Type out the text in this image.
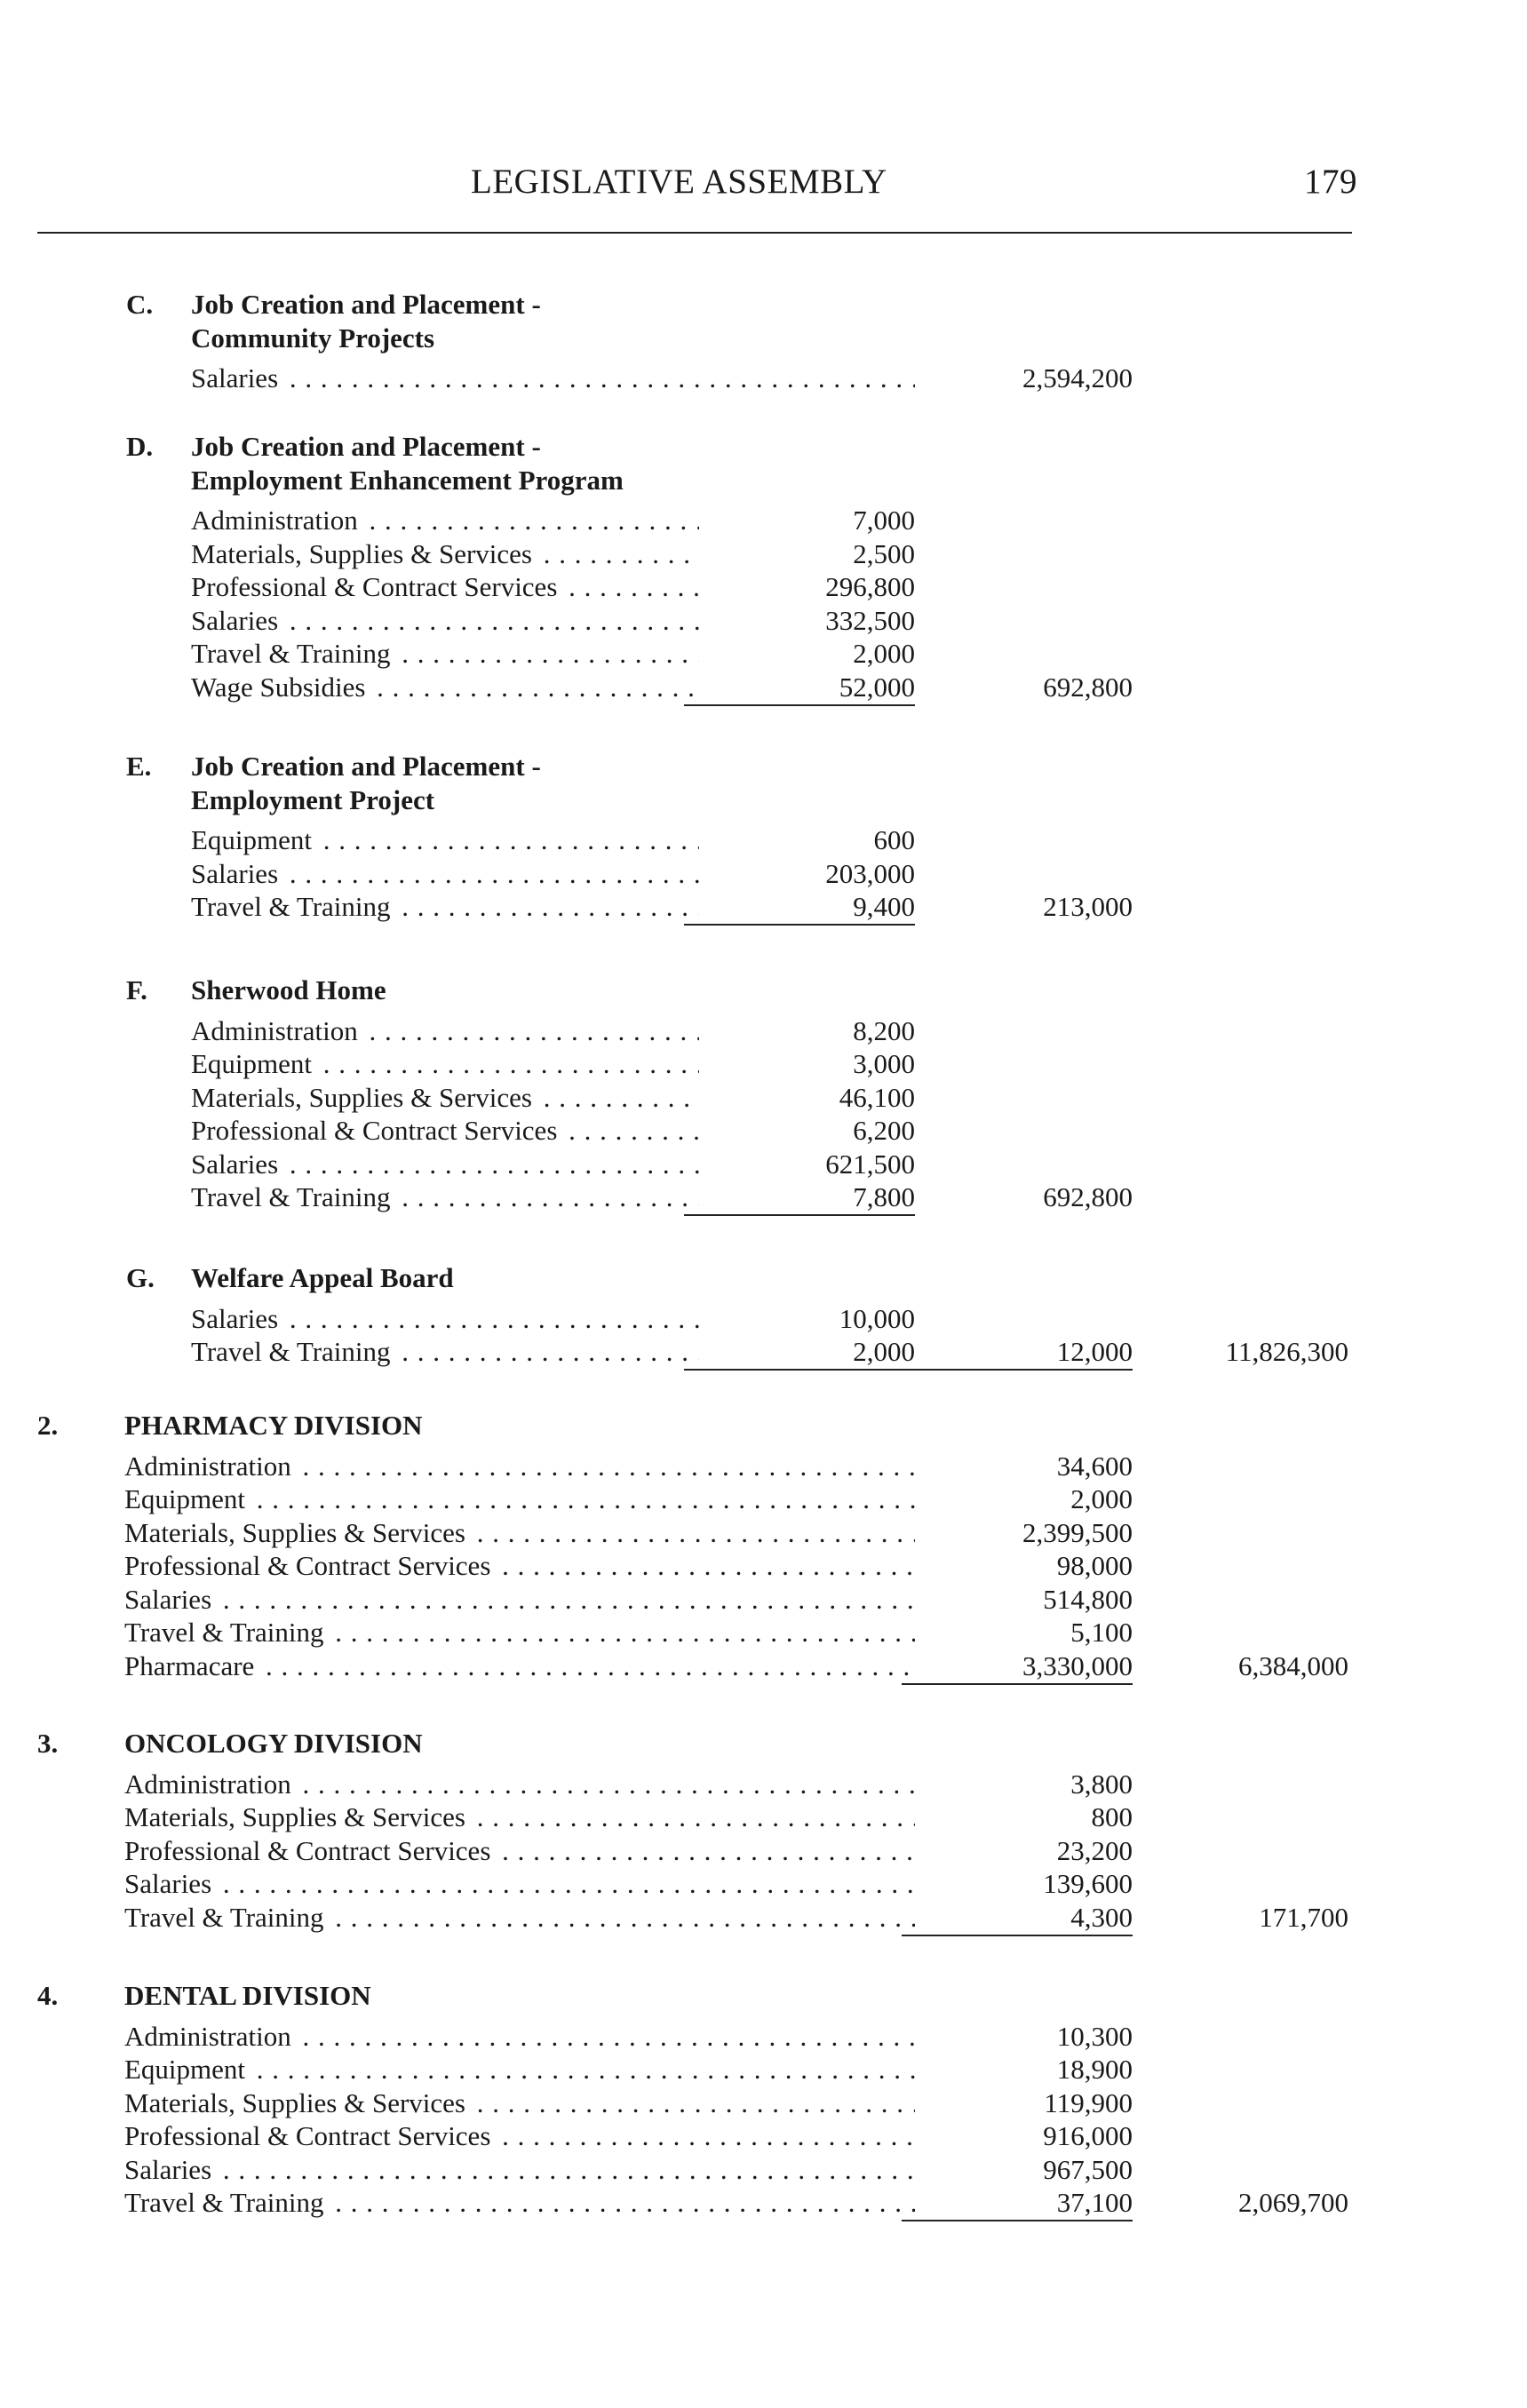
LEGISLATIVE ASSEMBLY	179
C. Job Creation and Placement -
Community Projects
Salaries . . .	2,594,200
D. Job Creation and Placement -
Employment Enhancement Program
Administration . . .	7,000
Materials, Supplies & Services . . .	2,500
Professional & Contract Services . . .	296,800
Salaries . . .	332,500
Travel & Training . . .	2,000
Wage Subsidies . . .	52,000	692,800
E. Job Creation and Placement -
Employment Project
Equipment . . .	600
Salaries . . .	203,000
Travel & Training . . .	9,400	213,000
F. Sherwood Home
Administration . . .	8,200
Equipment . . .	3,000
Materials, Supplies & Services . . .	46,100
Professional & Contract Services . . .	6,200
Salaries . . .	621,500
Travel & Training . . .	7,800	692,800
G. Welfare Appeal Board
Salaries . . .	10,000
Travel & Training . . .	2,000	12,000	11,826,300
2. PHARMACY DIVISION
Administration . . .	34,600
Equipment . . .	2,000
Materials, Supplies & Services . . .	2,399,500
Professional & Contract Services . . .	98,000
Salaries . . .	514,800
Travel & Training . . .	5,100
Pharmacare . . .	3,330,000	6,384,000
3. ONCOLOGY DIVISION
Administration . . .	3,800
Materials, Supplies & Services . . .	800
Professional & Contract Services . . .	23,200
Salaries . . .	139,600
Travel & Training . . .	4,300	171,700
4. DENTAL DIVISION
Administration . . .	10,300
Equipment . . .	18,900
Materials, Supplies & Services . . .	119,900
Professional & Contract Services . . .	916,000
Salaries . . .	967,500
Travel & Training . . .	37,100	2,069,700
